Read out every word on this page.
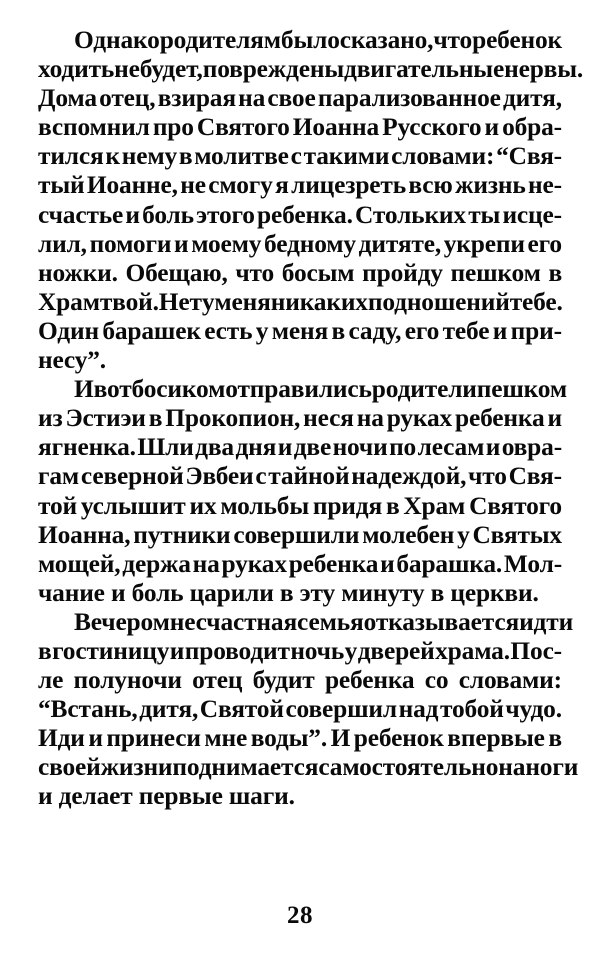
Однако родителям было сказано, что ребенок
ходить не будет, повреждены двигательные нервы.
Дома отец, взирая на свое парализованное дитя,
вспомнил про Святого Иоанна Русского и обра-
тился к нему в молитве с такими словами: “Свя-
тый Иоанне, не смогу я лицезреть всю жизнь не-
счастье и боль этого ребенка. Стольких ты исце-
лил, помоги и моему бедному дитяте, укрепи его
ножки. Обещаю, что босым пройду пешком в
Храм твой. Нет у меня никаких подношений тебе.
Один барашек есть у меня в саду, его тебе и при-
несу”.
И вот босиком отправились родители пешком
из Эстиэи в Прокопион, неся на руках ребенка и
ягненка. Шли два дня и две ночи по лесам и овра-
гам северной Эвбеи с тайной надеждой, что Свя-
той услышит их мольбы придя в Храм Святого
Иоанна, путники совершили молебен у Святых
мощей, держа на руках ребенка и барашка. Мол-
чание и боль царили в эту минуту в церкви.
Вечером несчастная семья отказывается идти
в гостиницу и проводит ночь у дверей храма. Пос-
ле полуночи отец будит ребенка со словами:
“Встань, дитя, Святой совершил над тобой чудо.
Иди и принеси мне воды”. И ребенок впервые в
своей жизни поднимается самостоятельно на ноги
и делает первые шаги.
28
